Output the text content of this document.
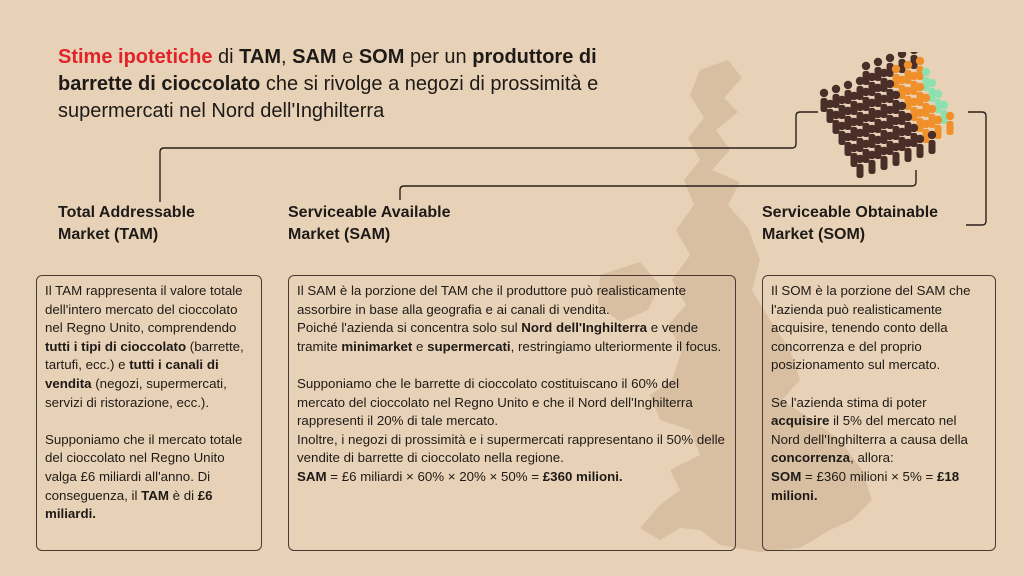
Stime ipotetiche di TAM, SAM e SOM per un produttore di barrette di cioccolato che si rivolge a negozi di prossimità e supermercati nel Nord dell'Inghilterra
Total Addressable
Market (TAM)
Serviceable Available
Market (SAM)
Serviceable Obtainable
Market (SOM)

Il TAM rappresenta il valore totale dell'intero mercato del cioccolato nel Regno Unito, comprendendo tutti i tipi di cioccolato (barrette, tartufi, ecc.) e tutti i canali di vendita (negozi, supermercati, servizi di ristorazione, ecc.).

Supponiamo che il mercato totale del cioccolato nel Regno Unito valga £6 miliardi all'anno. Di conseguenza, il TAM è di £6 miliardi.

Il SAM è la porzione del TAM che il produttore può realisticamente assorbire in base alla geografia e ai canali di vendita.
Poiché l'azienda si concentra solo sul Nord dell'Inghilterra e vende tramite minimarket e supermercati, restringiamo ulteriormente il focus.

Supponiamo che le barrette di cioccolato costituiscano il 60% del mercato del cioccolato nel Regno Unito e che il Nord dell'Inghilterra rappresenti il 20% di tale mercato.
Inoltre, i negozi di prossimità e i supermercati rappresentano il 50% delle vendite di barrette di cioccolato nella regione.
SAM = £6 miliardi × 60% × 20% × 50% = £360 milioni.

Il SOM è la porzione del SAM che l'azienda può realisticamente acquisire, tenendo conto della concorrenza e del proprio posizionamento sul mercato.

Se l'azienda stima di poter acquisire il 5% del mercato nel Nord dell'Inghilterra a causa della concorrenza, allora:
SOM = £360 milioni × 5% = £18 milioni.
